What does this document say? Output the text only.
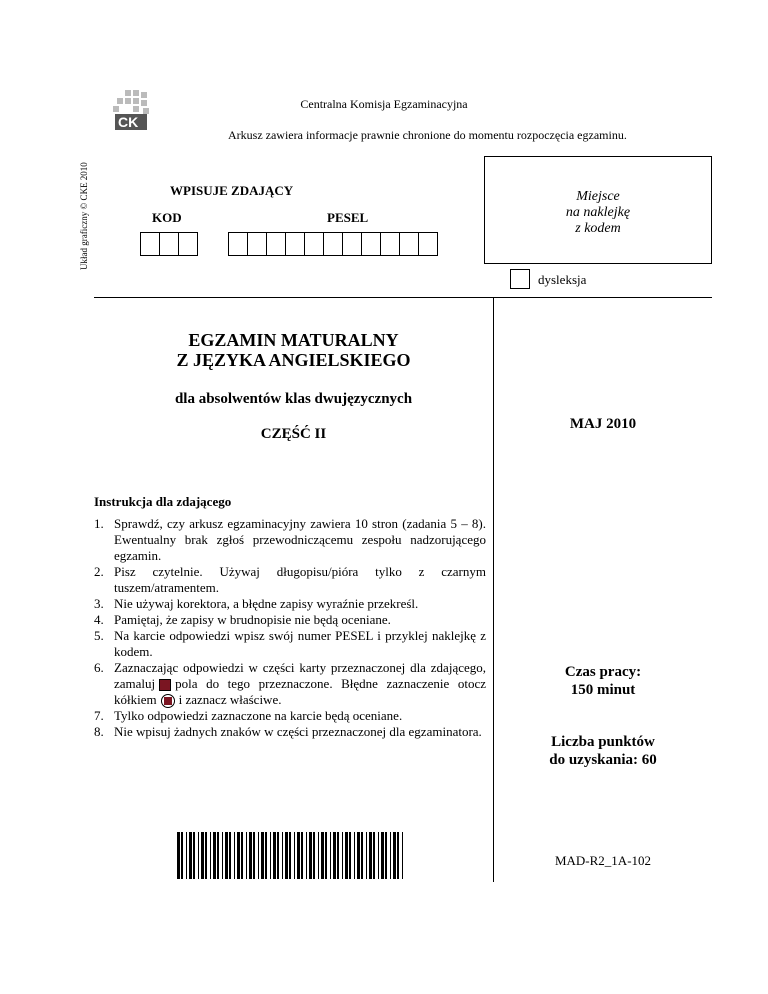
CK
Centralna Komisja Egzaminacyjna
Arkusz zawiera informacje prawnie chronione do momentu rozpoczęcia egzaminu.
Układ graficzny © CKE 2010	Miejsce
na naklejkę
z kodem
WPISUJE ZDAJĄCY
KOD	PESEL
dysleksja
EGZAMIN MATURALNY
Z JĘZYKA ANGIELSKIEGO
dla absolwentów klas dwujęzycznych
CZĘŚĆ II
MAJ 2010
Instrukcja dla zdającego
1. Sprawdź, czy arkusz egzaminacyjny zawiera 10 stron (zadania 5 – 8). Ewentualny brak zgłoś przewodniczącemu zespołu nadzorującego egzamin.
2. Pisz czytelnie. Używaj długopisu/pióra tylko z czarnym tuszem/atramentem.
3. Nie używaj korektora, a błędne zapisy wyraźnie przekreśl.
4. Pamiętaj, że zapisy w brudnopisie nie będą oceniane.
5. Na karcie odpowiedzi wpisz swój numer PESEL i przyklej naklejkę z kodem.
6. Zaznaczając odpowiedzi w części karty przeznaczonej dla zdającego, zamaluj pola do tego przeznaczone. Błędne zaznaczenie otocz kółkiem i zaznacz właściwe.
7. Tylko odpowiedzi zaznaczone na karcie będą oceniane.
8. Nie wpisuj żadnych znaków w części przeznaczonej dla egzaminatora.
Czas pracy:
150 minut
Liczba punktów
do uzyskania: 60
MAD-R2_1A-102
